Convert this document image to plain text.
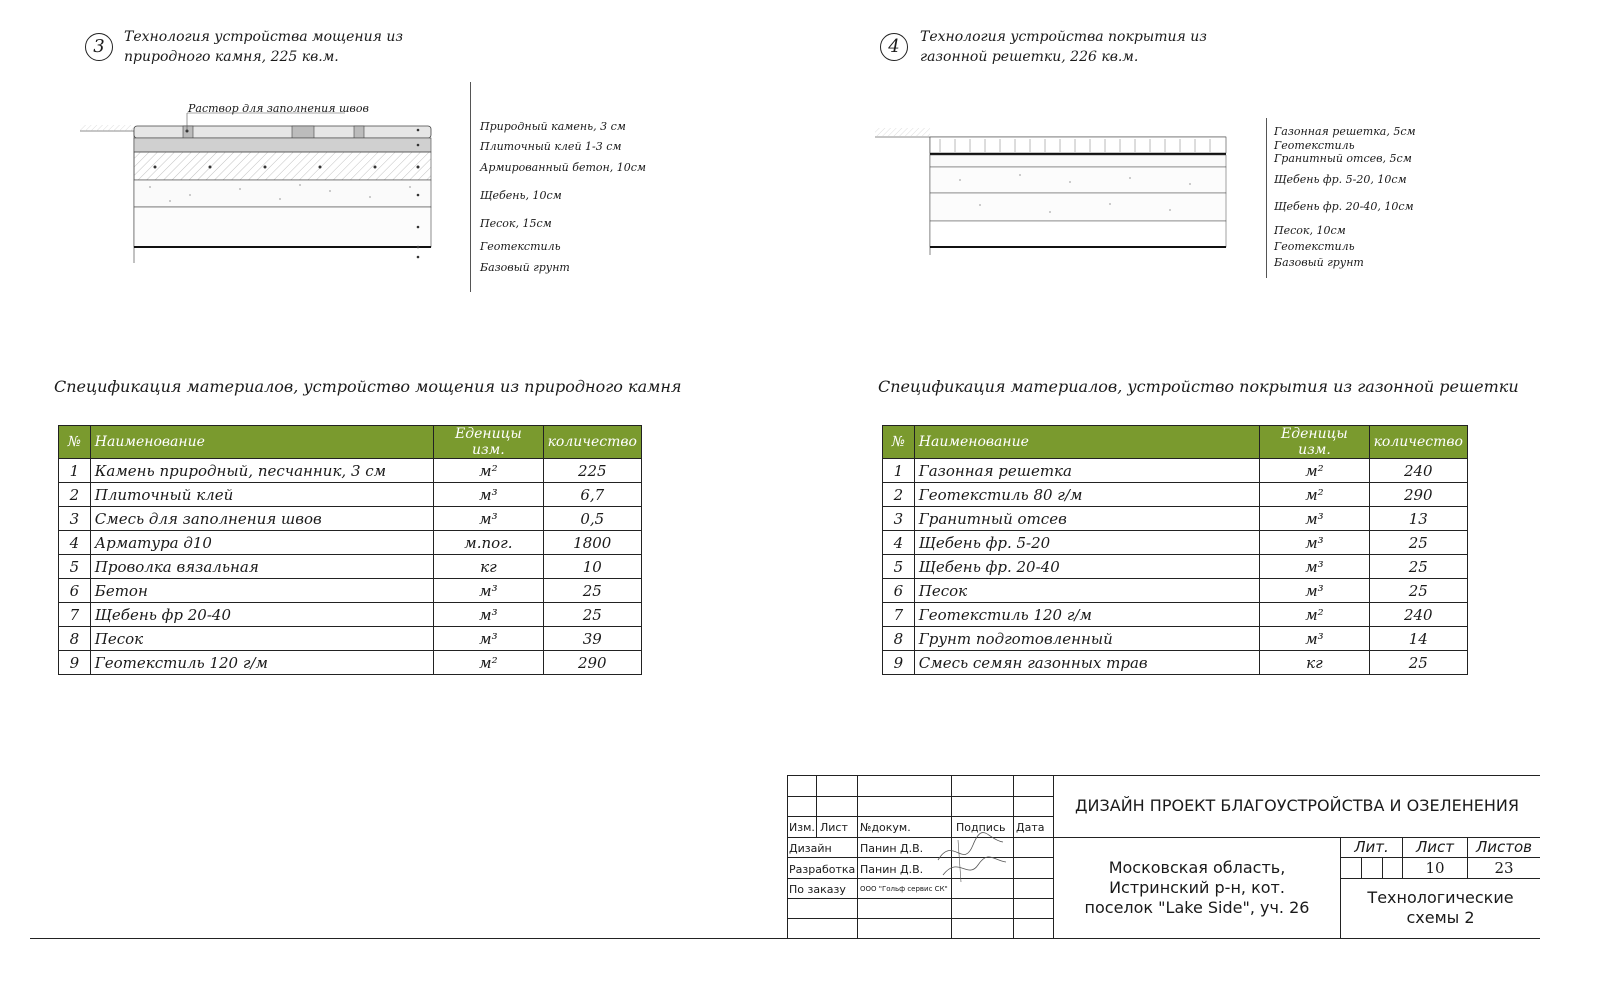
3	Технология устройства мощения из
природного камня, 225 кв.м.
Раствор для заполнения швов
Природный камень, 3 см
Плиточный клей 1-3 см
Армированный бетон, 10см
Щебень, 10см
Песок, 15см
Геотекстиль
Базовый грунт
4	Технология устройства покрытия из
газонной решетки, 226 кв.м.
Газонная решетка, 5см
Геотекстиль
Гранитный отсев, 5см
Щебень фр. 5-20, 10см
Щебень фр. 20-40, 10см
Песок, 10см
Геотекстиль
Базовый грунт
Спецификация материалов, устройство мощения из природного камня	Спецификация материалов, устройство покрытия из газонной решетки
№	Наименование	Еденицы изм.	количество
1	Камень природный, песчанник, 3 см	м²	225
2	Плиточный клей	м³	6,7
3	Смесь для заполнения швов	м³	0,5
4	Арматура д10	м.пог.	1800
5	Проволка вязальная	кг	10
6	Бетон	м³	25
7	Щебень фр 20-40	м³	25
8	Песок	м³	39
9	Геотекстиль 120 г/м	м²	290
№	Наименование	Еденицы изм.	количество
1	Газонная решетка	м²	240
2	Геотекстиль 80 г/м	м²	290
3	Гранитный отсев	м³	13
4	Щебень фр. 5-20	м³	25
5	Щебень фр. 20-40	м³	25
6	Песок	м³	25
7	Геотекстиль 120 г/м	м²	240
8	Грунт подготовленный	м³	14
9	Смесь семян газонных трав	кг	25
Изм. Лист №докум.	Подпись Дата
Дизайн	Панин Д.В.
Разработка Панин Д.В.
По заказу ООО "Гольф сервис СК"
ДИЗАЙН ПРОЕКТ БЛАГОУСТРОЙСТВА И ОЗЕЛЕНЕНИЯ
Московская область,
Истринский р-н, кот.
поселок "Lake Side", уч. 26
Лит.	Лист	Листов
10	23
Технологические
схемы 2
